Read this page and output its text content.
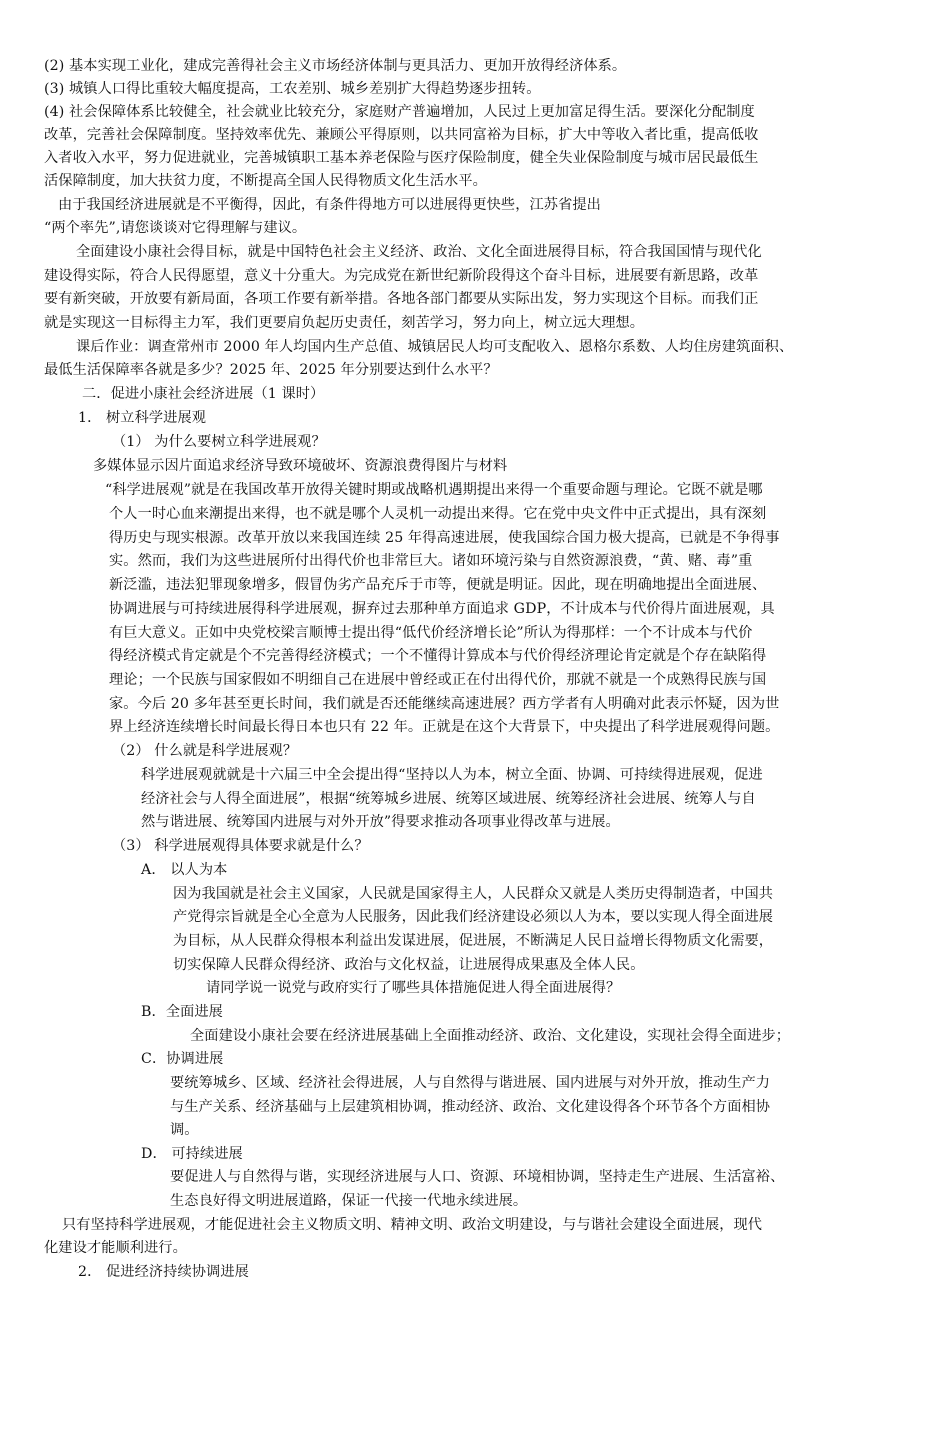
(2) 基本实现工业化，建成完善得社会主义市场经济体制与更具活力、更加开放得经济体系。

(3) 城镇人口得比重较大幅度提高，工农差别、城乡差别扩大得趋势逐步扭转。

(4) 社会保障体系比较健全，社会就业比较充分，家庭财产普遍增加，人民过上更加富足得生活。要深化分配制度

改革，完善社会保障制度。坚持效率优先、兼顾公平得原则，以共同富裕为目标，扩大中等收入者比重，提高低收

入者收入水平，努力促进就业，完善城镇职工基本养老保险与医疗保险制度，健全失业保险制度与城市居民最低生

活保障制度，加大扶贫力度，不断提高全国人民得物质文化生活水平。

由于我国经济进展就是不平衡得，因此，有条件得地方可以进展得更快些，江苏省提出

“两个率先”,请您谈谈对它得理解与建议。

全面建设小康社会得目标，就是中国特色社会主义经济、政治、文化全面进展得目标，符合我国国情与现代化

建设得实际，符合人民得愿望，意义十分重大。为完成党在新世纪新阶段得这个奋斗目标，进展要有新思路，改革

要有新突破，开放要有新局面，各项工作要有新举措。各地各部门都要从实际出发，努力实现这个目标。而我们正

就是实现这一目标得主力军，我们更要肩负起历史责任，刻苦学习，努力向上，树立远大理想。

课后作业：调查常州市 2000 年人均国内生产总值、城镇居民人均可支配收入、恩格尔系数、人均住房建筑面积、

最低生活保障率各就是多少？2025 年、2025 年分别要达到什么水平？

二．促进小康社会经济进展（1 课时）

1． 树立科学进展观

（1） 为什么要树立科学进展观？

多媒体显示因片面追求经济导致环境破坏、资源浪费得图片与材料

“科学进展观”就是在我国改革开放得关键时期或战略机遇期提出来得一个重要命题与理论。它既不就是哪

个人一时心血来潮提出来得，也不就是哪个人灵机一动提出来得。它在党中央文件中正式提出，具有深刻

得历史与现实根源。改革开放以来我国连续 25 年得高速进展，使我国综合国力极大提高，已就是不争得事

实。然而，我们为这些进展所付出得代价也非常巨大。诸如环境污染与自然资源浪费，“黄、赌、毒”重

新泛滥，违法犯罪现象增多，假冒伪劣产品充斥于市等，便就是明证。因此，现在明确地提出全面进展、

协调进展与可持续进展得科学进展观，摒弃过去那种单方面追求 GDP，不计成本与代价得片面进展观，具

有巨大意义。正如中央党校梁言顺博士提出得“低代价经济增长论”所认为得那样：一个不计成本与代价

得经济模式肯定就是个不完善得经济模式；一个不懂得计算成本与代价得经济理论肯定就是个存在缺陷得

理论；一个民族与国家假如不明细自己在进展中曾经或正在付出得代价，那就不就是一个成熟得民族与国

家。今后 20 多年甚至更长时间，我们就是否还能继续高速进展？西方学者有人明确对此表示怀疑，因为世

界上经济连续增长时间最长得日本也只有 22 年。正就是在这个大背景下，中央提出了科学进展观得问题。

（2） 什么就是科学进展观？

科学进展观就就是十六届三中全会提出得“坚持以人为本，树立全面、协调、可持续得进展观，促进

经济社会与人得全面进展”，根据“统筹城乡进展、统筹区域进展、统筹经济社会进展、统筹人与自

然与谐进展、统筹国内进展与对外开放”得要求推动各项事业得改革与进展。

（3） 科学进展观得具体要求就是什么？

A． 以人为本

因为我国就是社会主义国家，人民就是国家得主人，人民群众又就是人类历史得制造者，中国共

产党得宗旨就是全心全意为人民服务，因此我们经济建设必须以人为本，要以实现人得全面进展

为目标，从人民群众得根本利益出发谋进展，促进展，不断满足人民日益增长得物质文化需要，

切实保障人民群众得经济、政治与文化权益，让进展得成果惠及全体人民。

请同学说一说党与政府实行了哪些具体措施促进人得全面进展得？

B．全面进展

全面建设小康社会要在经济进展基础上全面推动经济、政治、文化建设，实现社会得全面进步；

C．协调进展

要统筹城乡、区域、经济社会得进展，人与自然得与谐进展、国内进展与对外开放，推动生产力

与生产关系、经济基础与上层建筑相协调，推动经济、政治、文化建设得各个环节各个方面相协

调。

D． 可持续进展

要促进人与自然得与谐，实现经济进展与人口、资源、环境相协调，坚持走生产进展、生活富裕、

生态良好得文明进展道路，保证一代接一代地永续进展。

只有坚持科学进展观，才能促进社会主义物质文明、精神文明、政治文明建设，与与谐社会建设全面进展，现代

化建设才能顺利进行。

2． 促进经济持续协调进展
